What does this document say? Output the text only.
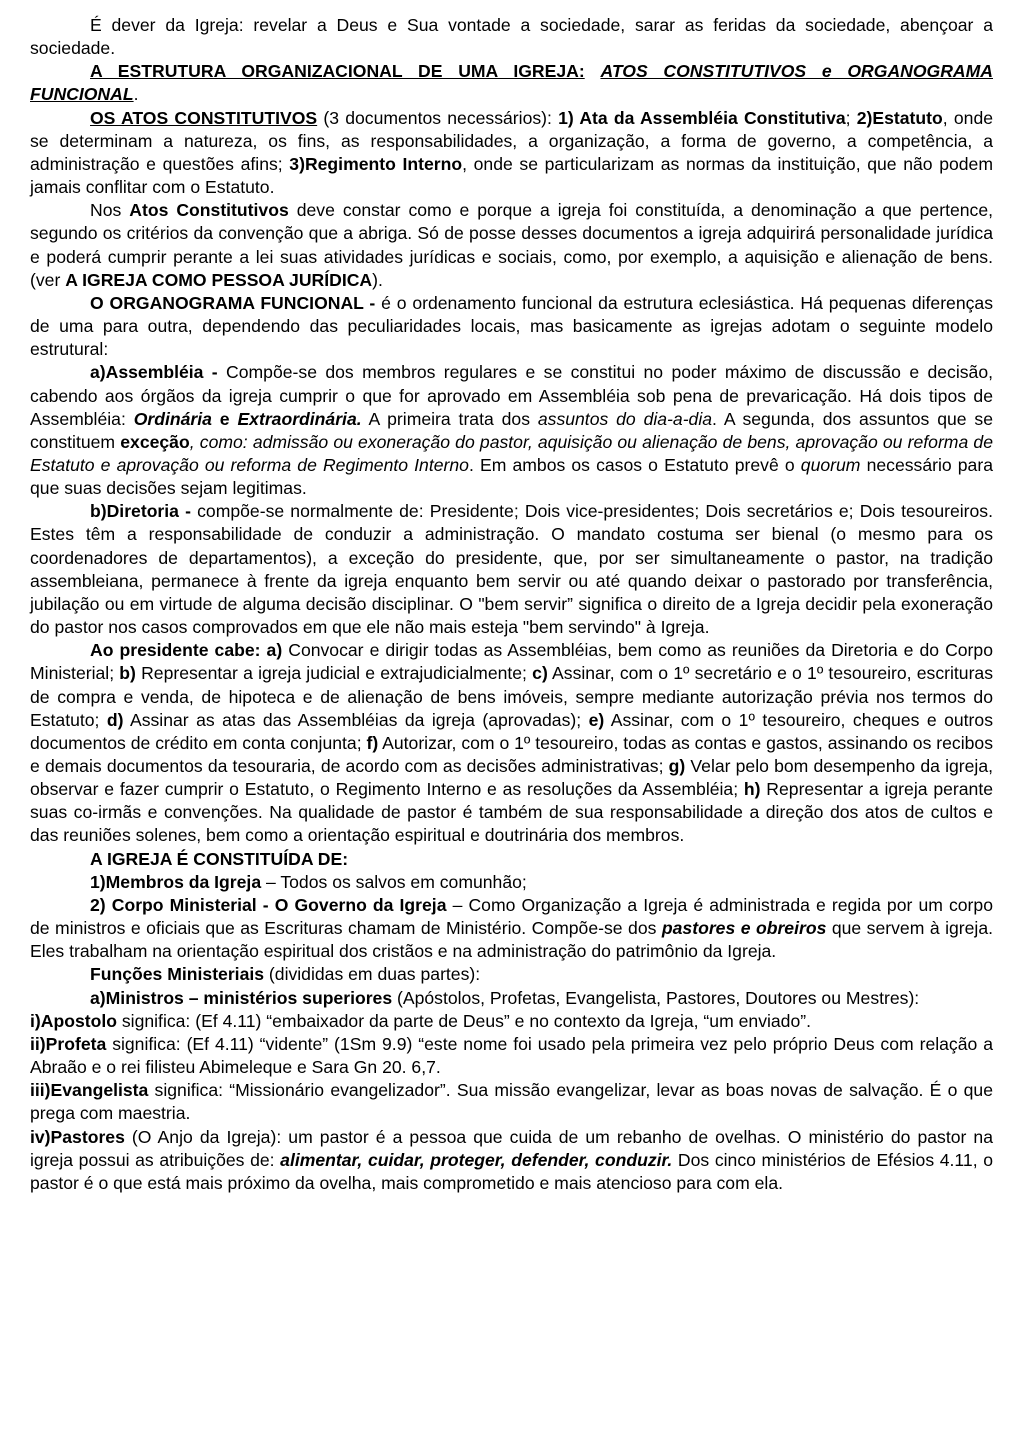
É dever da Igreja: revelar a Deus e Sua vontade a sociedade, sarar as feridas da sociedade, abençoar a sociedade.

A ESTRUTURA ORGANIZACIONAL DE UMA IGREJA: ATOS CONSTITUTIVOS e ORGANOGRAMA FUNCIONAL.

OS ATOS CONSTITUTIVOS (3 documentos necessários): 1) Ata da Assembléia Constitutiva; 2)Estatuto, onde se determinam a natureza, os fins, as responsabilidades, a organização, a forma de governo, a competência, a administração e questões afins; 3)Regimento Interno, onde se particularizam as normas da instituição, que não podem jamais conflitar com o Estatuto.

Nos Atos Constitutivos deve constar como e porque a igreja foi constituída, a denominação a que pertence, segundo os critérios da convenção que a abriga. Só de posse desses documentos a igreja adquirirá personalidade jurídica e poderá cumprir perante a lei suas atividades jurídicas e sociais, como, por exemplo, a aquisição e alienação de bens. (ver A IGREJA COMO PESSOA JURÍDICA).

O ORGANOGRAMA FUNCIONAL - é o ordenamento funcional da estrutura eclesiástica. Há pequenas diferenças de uma para outra, dependendo das peculiaridades locais, mas basicamente as igrejas adotam o seguinte modelo estrutural:

a)Assembléia - Compõe-se dos membros regulares e se constitui no poder máximo de discussão e decisão, cabendo aos órgãos da igreja cumprir o que for aprovado em Assembléia sob pena de prevaricação. Há dois tipos de Assembléia: Ordinária e Extraordinária. A primeira trata dos assuntos do dia-a-dia. A segunda, dos assuntos que se constituem exceção, como: admissão ou exoneração do pastor, aquisição ou alienação de bens, aprovação ou reforma de Estatuto e aprovação ou reforma de Regimento Interno. Em ambos os casos o Estatuto prevê o quorum necessário para que suas decisões sejam legitimas.

b)Diretoria - compõe-se normalmente de: Presidente; Dois vice-presidentes; Dois secretários e; Dois tesoureiros. Estes têm a responsabilidade de conduzir a administração. O mandato costuma ser bienal (o mesmo para os coordenadores de departamentos), a exceção do presidente, que, por ser simultaneamente o pastor, na tradição assembleiana, permanece à frente da igreja enquanto bem servir ou até quando deixar o pastorado por transferência, jubilação ou em virtude de alguma decisão disciplinar. O "bem servir” significa o direito de a Igreja decidir pela exoneração do pastor nos casos comprovados em que ele não mais esteja "bem servindo" à Igreja.

Ao presidente cabe: a) Convocar e dirigir todas as Assembléias, bem como as reuniões da Diretoria e do Corpo Ministerial; b) Representar a igreja judicial e extrajudicialmente; c) Assinar, com o 1º secretário e o 1º tesoureiro, escrituras de compra e venda, de hipoteca e de alienação de bens imóveis, sempre mediante autorização prévia nos termos do Estatuto; d) Assinar as atas das Assembléias da igreja (aprovadas); e) Assinar, com o 1º tesoureiro, cheques e outros documentos de crédito em conta conjunta; f) Autorizar, com o 1º tesoureiro, todas as contas e gastos, assinando os recibos e demais documentos da tesouraria, de acordo com as decisões administrativas; g) Velar pelo bom desempenho da igreja, observar e fazer cumprir o Estatuto, o Regimento Interno e as resoluções da Assembléia; h) Representar a igreja perante suas co-irmãs e convenções. Na qualidade de pastor é também de sua responsabilidade a direção dos atos de cultos e das reuniões solenes, bem como a orientação espiritual e doutrinária dos membros.

A IGREJA É CONSTITUÍDA DE:

1)Membros da Igreja – Todos os salvos em comunhão;

2) Corpo Ministerial - O Governo da Igreja – Como Organização a Igreja é administrada e regida por um corpo de ministros e oficiais que as Escrituras chamam de Ministério. Compõe-se dos pastores e obreiros que servem à igreja. Eles trabalham na orientação espiritual dos cristãos e na administração do patrimônio da Igreja.

Funções Ministeriais (divididas em duas partes):

a)Ministros – ministérios superiores (Apóstolos, Profetas, Evangelista, Pastores, Doutores ou Mestres):

i)Apostolo significa: (Ef 4.11) “embaixador da parte de Deus” e no contexto da Igreja, “um enviado”.

ii)Profeta significa: (Ef 4.11) “vidente” (1Sm 9.9) “este nome foi usado pela primeira vez pelo próprio Deus com relação a Abraão e o rei filisteu Abimeleque e Sara Gn 20. 6,7.

iii)Evangelista significa: “Missionário evangelizador”. Sua missão evangelizar, levar as boas novas de salvação. É o que prega com maestria.

iv)Pastores (O Anjo da Igreja): um pastor é a pessoa que cuida de um rebanho de ovelhas. O ministério do pastor na igreja possui as atribuições de: alimentar, cuidar, proteger, defender, conduzir. Dos cinco ministérios de Efésios 4.11, o pastor é o que está mais próximo da ovelha, mais comprometido e mais atencioso para com ela.
